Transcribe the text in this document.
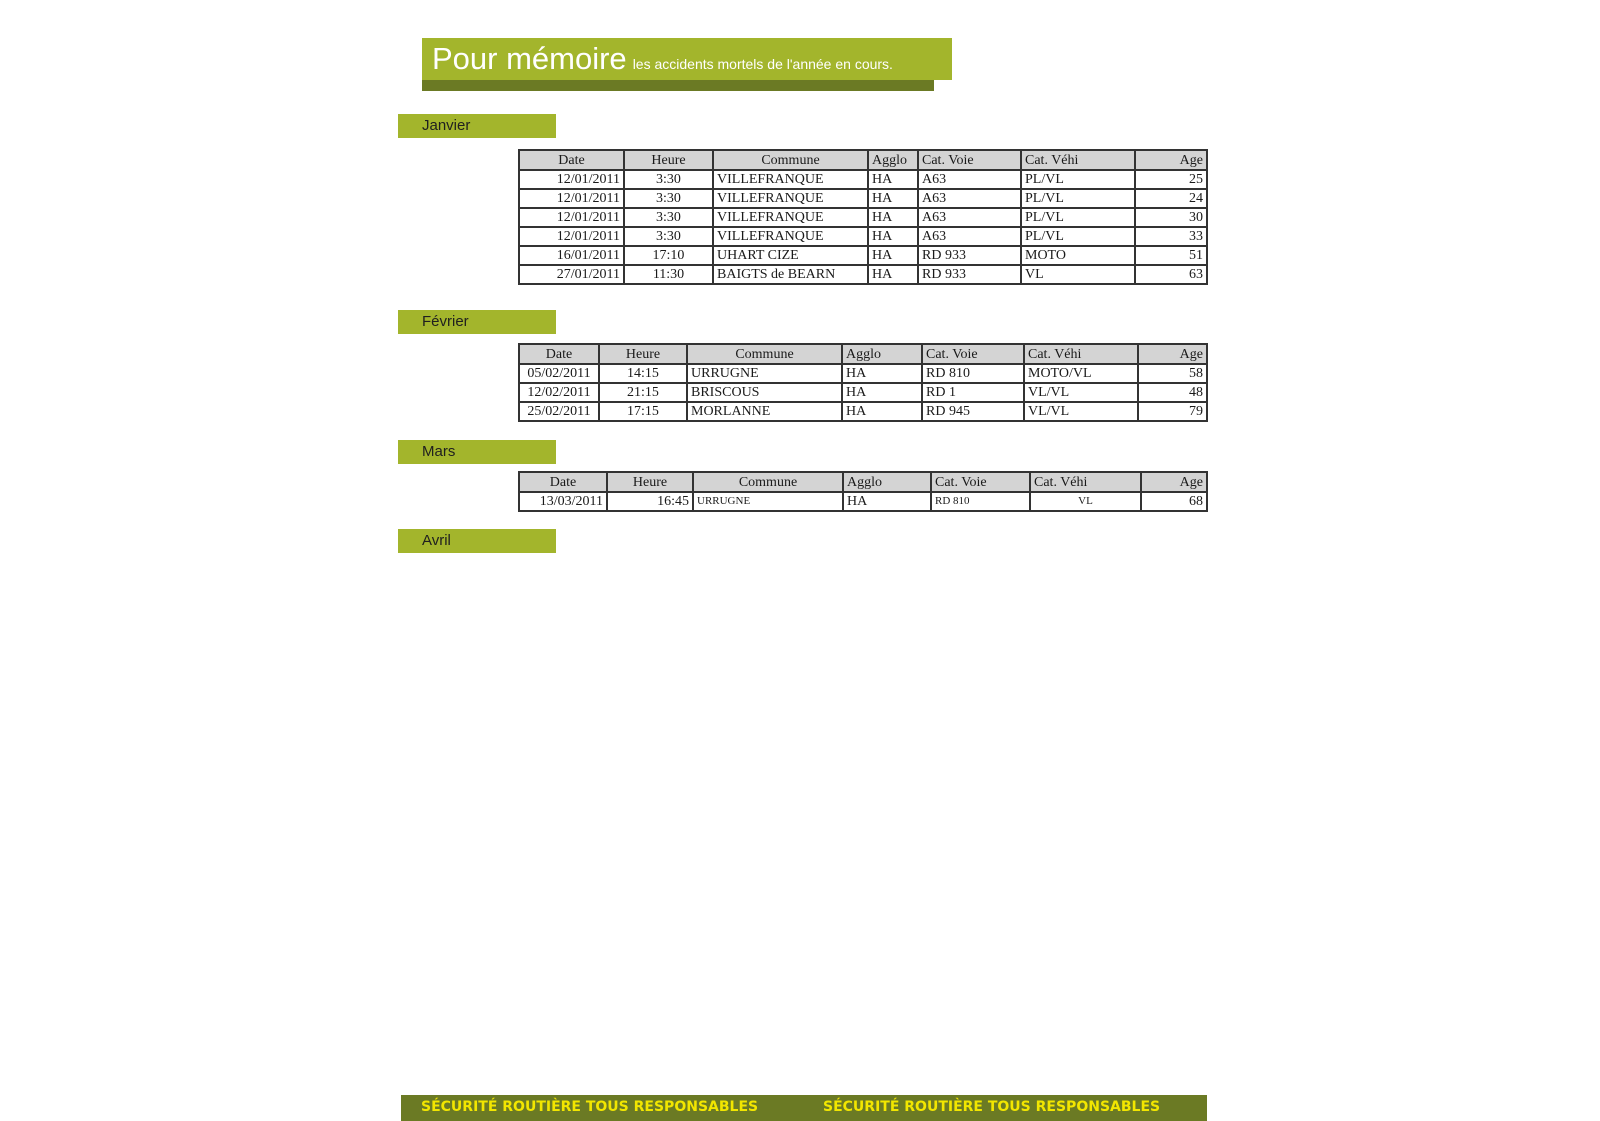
Pour mémoire les accidents mortels de l'année en cours.
Janvier
Date	Heure	Commune	Agglo	Cat. Voie	Cat. Véhi	Age
12/01/2011	3:30	VILLEFRANQUE	HA	A63	PL/VL	25
12/01/2011	3:30	VILLEFRANQUE	HA	A63	PL/VL	24
12/01/2011	3:30	VILLEFRANQUE	HA	A63	PL/VL	30
12/01/2011	3:30	VILLEFRANQUE	HA	A63	PL/VL	33
16/01/2011	17:10	UHART CIZE	HA	RD 933	MOTO	51
27/01/2011	11:30	BAIGTS de BEARN	HA	RD 933	VL	63
Février
Date	Heure	Commune	Agglo	Cat. Voie	Cat. Véhi	Age
05/02/2011	14:15	URRUGNE	HA	RD 810	MOTO/VL	58
12/02/2011	21:15	BRISCOUS	HA	RD 1	VL/VL	48
25/02/2011	17:15	MORLANNE	HA	RD 945	VL/VL	79
Mars
Date	Heure	Commune	Agglo	Cat. Voie	Cat. Véhi	Age
13/03/2011	16:45	URRUGNE	HA	RD 810	VL	68
Avril
SÉCURITÉ ROUTIÈRE TOUS RESPONSABLES	SÉCURITÉ ROUTIÈRE TOUS RESPONSABLES
